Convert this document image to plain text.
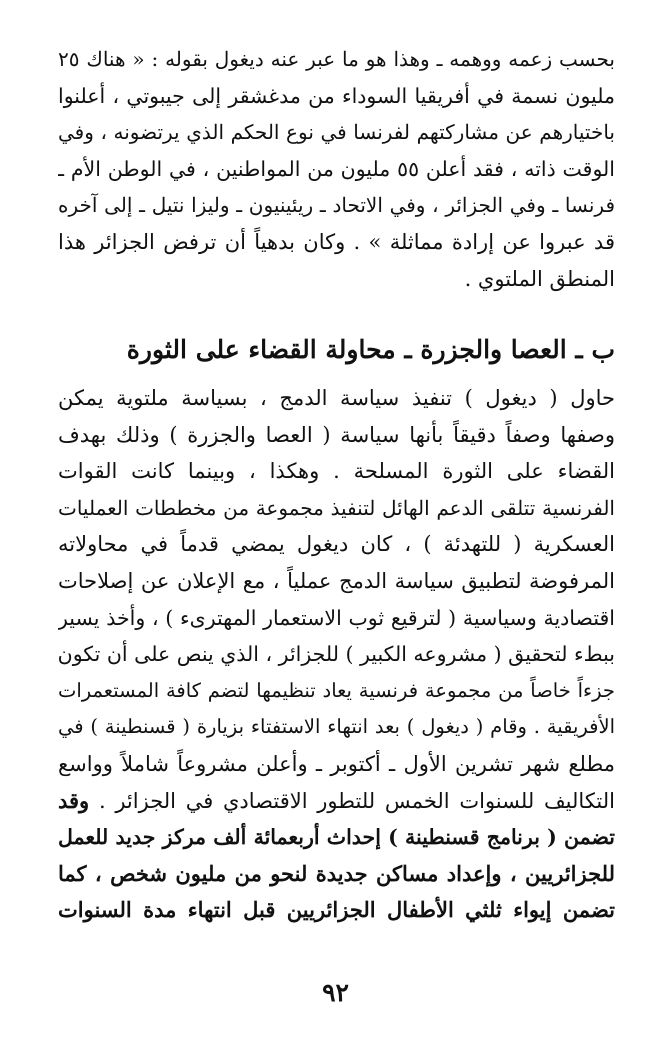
بحسب زعمه ووهمه ـ وهذا هو ما عبر عنه ديغول بقوله : « هناك ٢٥
مليون نسمة في أفريقيا السوداء من مدغشقر إلى جيبوتي ، أعلنوا
باختيارهم عن مشاركتهم لفرنسا في نوع الحكم الذي يرتضونه ، وفي
الوقت ذاته ، فقد أعلن ٥٥ مليون من المواطنين ، في الوطن الأم ـ
فرنسا ـ وفي الجزائر ، وفي الاتحاد ـ ريئينيون ـ وليزا نتيل ـ إلى آخره
قد عبروا عن إرادة مماثلة » . وكان بدهياً أن ترفض الجزائر هذا
المنطق الملتوي .
ب ـ العصا والجزرة ـ محاولة القضاء على الثورة
حاول ( ديغول ) تنفيذ سياسة الدمج ، بسياسة ملتوية يمكن
وصفها وصفاً دقيقاً بأنها سياسة ( العصا والجزرة ) وذلك بهدف
القضاء على الثورة المسلحة . وهكذا ، وبينما كانت القوات
الفرنسية تتلقى الدعم الهائل لتنفيذ مجموعة من مخططات العمليات
العسكرية ( للتهدئة ) ، كان ديغول يمضي قدماً في محاولاته
المرفوضة لتطبيق سياسة الدمج عملياً ، مع الإعلان عن إصلاحات
اقتصادية وسياسية ( لترقيع ثوب الاستعمار المهترىء ) ، وأخذ يسير
ببطء لتحقيق ( مشروعه الكبير ) للجزائر ، الذي ينص على أن تكون
جزءاً خاصاً من مجموعة فرنسية يعاد تنظيمها لتضم كافة المستعمرات
الأفريقية . وقام ( ديغول ) بعد انتهاء الاستفتاء بزيارة ( قسنطينة ) في
مطلع شهر تشرين الأول ـ أكتوبر ـ وأعلن مشروعاً شاملاً وواسع
التكاليف للسنوات الخمس للتطور الاقتصادي في الجزائر . وقد
تضمن ( برنامج قسنطينة ) إحداث أربعمائة ألف مركز جديد للعمل
للجزائريين ، وإعداد مساكن جديدة لنحو من مليون شخص ، كما
تضمن إيواء ثلثي الأطفال الجزائريين قبل انتهاء مدة السنوات
٩٢
